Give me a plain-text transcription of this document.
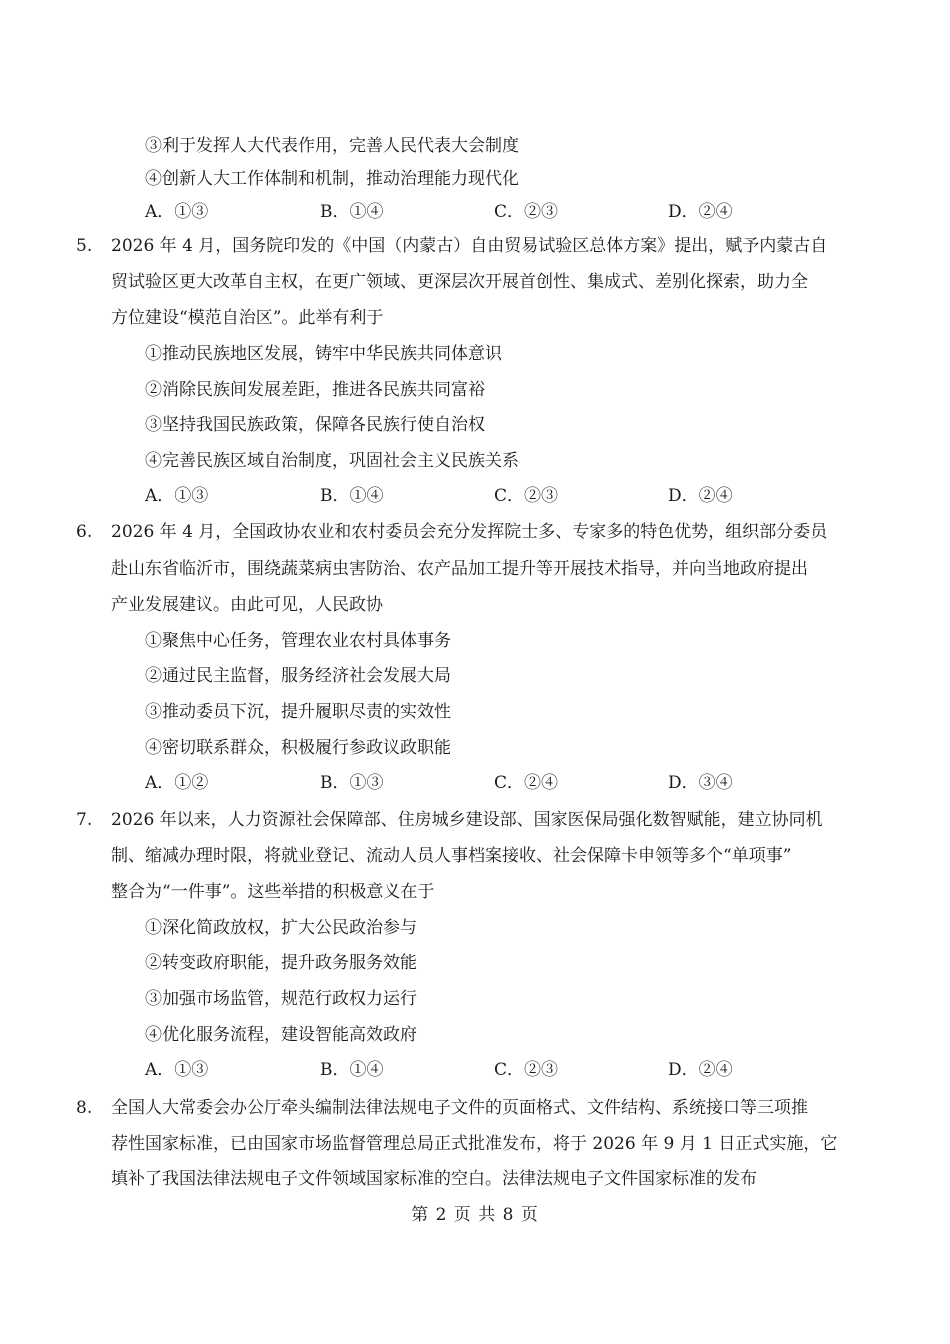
③利于发挥人大代表作用，完善人民代表大会制度
④创新人大工作体制和机制，推动治理能力现代化
A．①③	B．①④	C．②③	D．②④
5. 2026 年 4 月，国务院印发的《中国（内蒙古）自由贸易试验区总体方案》提出，赋予内蒙古自
贸试验区更大改革自主权，在更广领域、更深层次开展首创性、集成式、差别化探索，助力全
方位建设“模范自治区”。此举有利于
①推动民族地区发展，铸牢中华民族共同体意识
②消除民族间发展差距，推进各民族共同富裕
③坚持我国民族政策，保障各民族行使自治权
④完善民族区域自治制度，巩固社会主义民族关系
A．①③	B．①④	C．②③	D．②④
6. 2026 年 4 月，全国政协农业和农村委员会充分发挥院士多、专家多的特色优势，组织部分委员
赴山东省临沂市，围绕蔬菜病虫害防治、农产品加工提升等开展技术指导，并向当地政府提出
产业发展建议。由此可见，人民政协
①聚焦中心任务，管理农业农村具体事务
②通过民主监督，服务经济社会发展大局
③推动委员下沉，提升履职尽责的实效性
④密切联系群众，积极履行参政议政职能
A．①②	B．①③	C．②④	D．③④
7. 2026 年以来，人力资源社会保障部、住房城乡建设部、国家医保局强化数智赋能，建立协同机
制、缩减办理时限，将就业登记、流动人员人事档案接收、社会保障卡申领等多个“单项事”
整合为“一件事”。这些举措的积极意义在于
①深化简政放权，扩大公民政治参与
②转变政府职能，提升政务服务效能
③加强市场监管，规范行政权力运行
④优化服务流程，建设智能高效政府
A．①③	B．①④	C．②③	D．②④
8. 全国人大常委会办公厅牵头编制法律法规电子文件的页面格式、文件结构、系统接口等三项推
荐性国家标准，已由国家市场监督管理总局正式批准发布，将于 2026 年 9 月 1 日正式实施，它
填补了我国法律法规电子文件领域国家标准的空白。法律法规电子文件国家标准的发布
第 2 页 共 8 页
